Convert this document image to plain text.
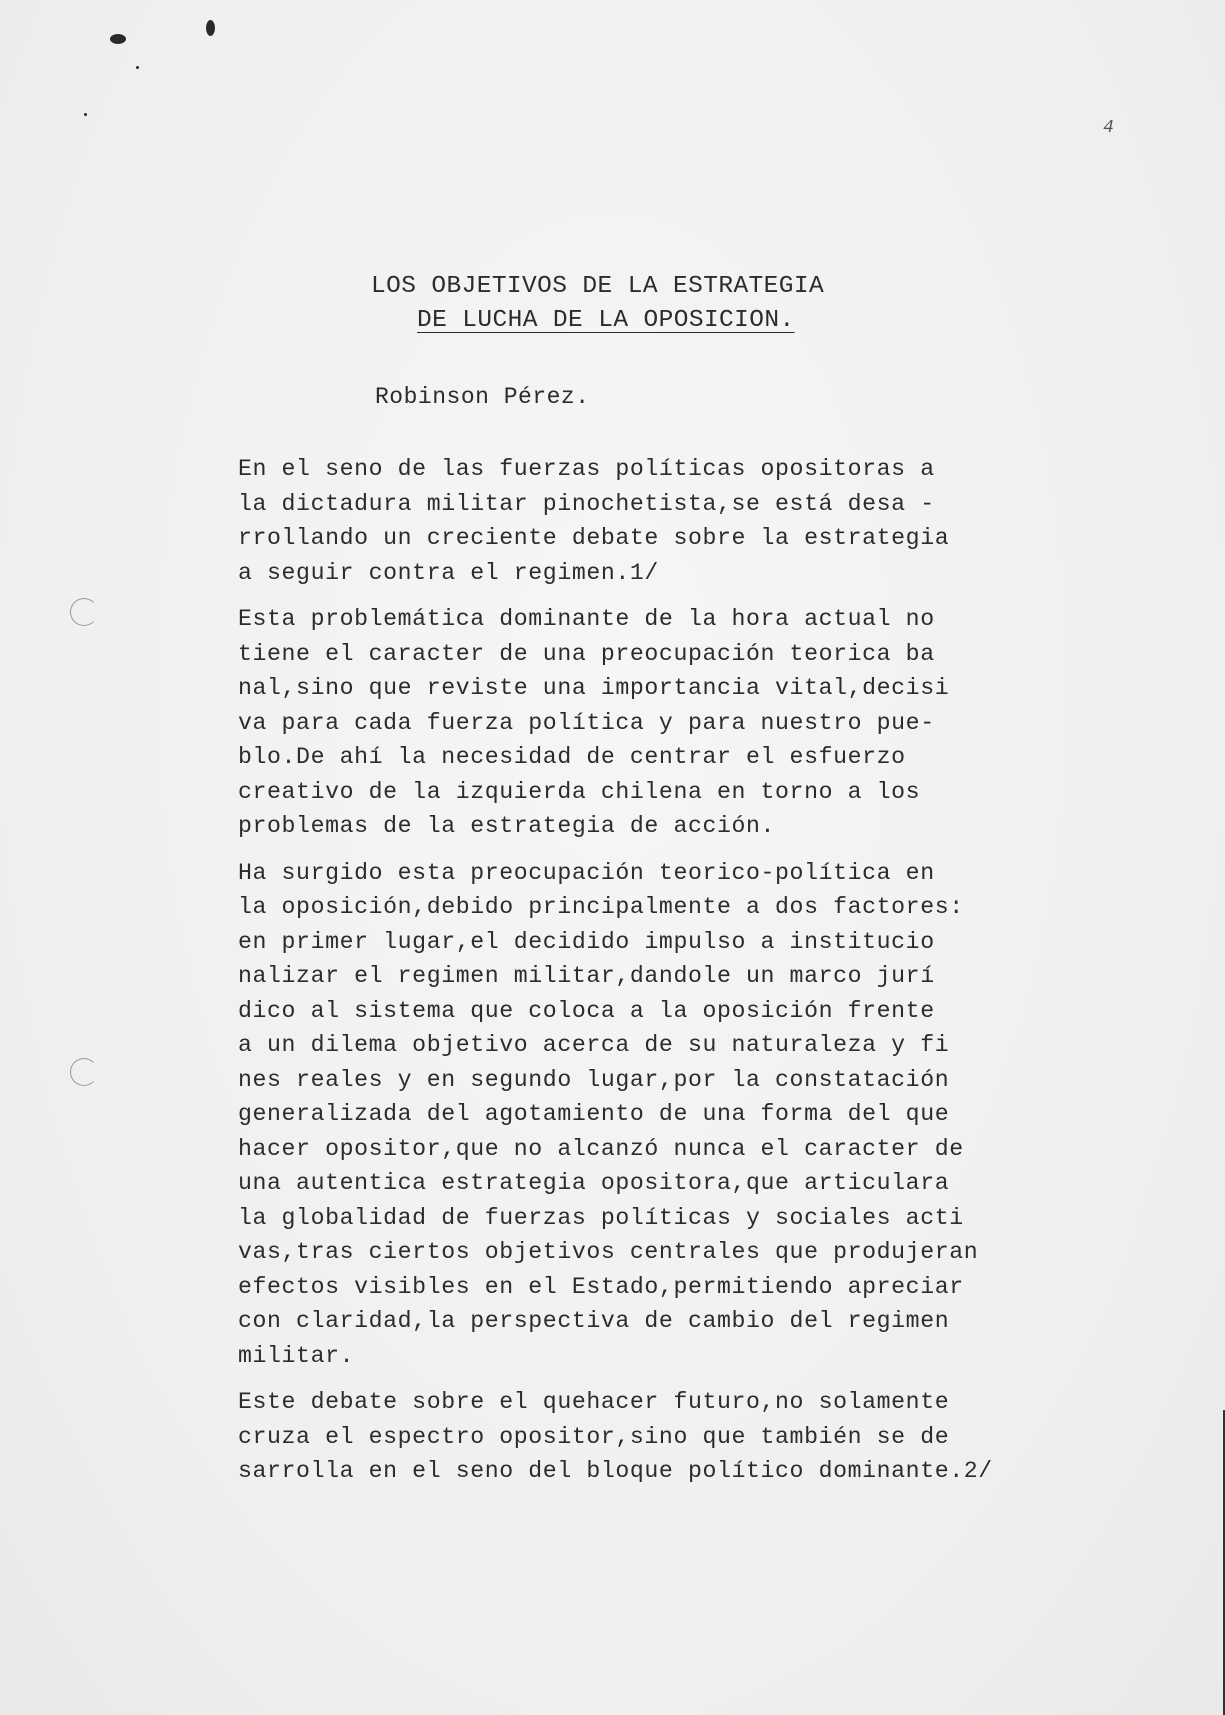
4
LOS OBJETIVOS DE LA ESTRATEGIA
DE LUCHA DE LA OPOSICION.
Robinson Pérez.
En el seno de las fuerzas políticas opositoras a
la dictadura militar pinochetista,se está desa -
rrollando un creciente debate sobre la estrategia
a seguir contra el regimen.1/
Esta problemática dominante de la hora actual no
tiene el caracter de una preocupación teorica ba
nal,sino que reviste una importancia vital,decisi
va para cada fuerza política y para nuestro pue-
blo.De ahí la necesidad de centrar el esfuerzo
creativo de la izquierda chilena en torno a los
problemas de la estrategia de acción.
Ha surgido esta preocupación teorico-política en
la oposición,debido principalmente a dos factores:
en primer lugar,el decidido impulso a institucio
nalizar el regimen militar,dandole un marco jurí
dico al sistema que coloca a la oposición frente
a un dilema objetivo acerca de su naturaleza y fi
nes reales y en segundo lugar,por la constatación
generalizada del agotamiento de una forma del que
hacer opositor,que no alcanzó nunca el caracter de
una autentica estrategia opositora,que articulara
la globalidad de fuerzas políticas y sociales acti
vas,tras ciertos objetivos centrales que produjeran
efectos visibles en el Estado,permitiendo apreciar
con claridad,la perspectiva de cambio del regimen
militar.
Este debate sobre el quehacer futuro,no solamente
cruza el espectro opositor,sino que también se de
sarrolla en el seno del bloque político dominante.2/
